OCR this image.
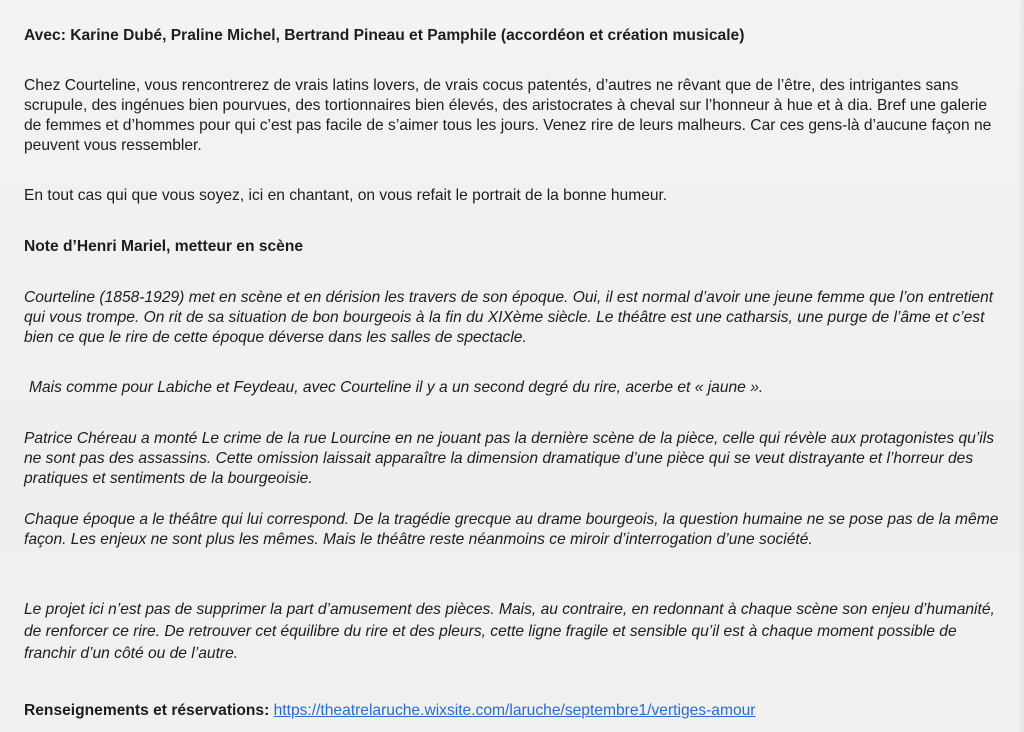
Avec: Karine Dubé, Praline Michel, Bertrand Pineau et Pamphile (accordéon et création musicale)

Chez Courteline, vous rencontrerez de vrais latins lovers, de vrais cocus patentés, d’autres ne rêvant que de l’être, des intrigantes sans scrupule, des ingénues bien pourvues, des tortionnaires bien élevés, des aristocrates à cheval sur l’honneur à hue et à dia. Bref une galerie de femmes et d’hommes pour qui c’est pas facile de s’aimer tous les jours. Venez rire de leurs malheurs. Car ces gens-là d’aucune façon ne peuvent vous ressembler.

En tout cas qui que vous soyez, ici en chantant, on vous refait le portrait de la bonne humeur.

Note d’Henri Mariel, metteur en scène

Courteline (1858-1929) met en scène et en dérision les travers de son époque. Oui, il est normal d’avoir une jeune femme que l’on entretient qui vous trompe. On rit de sa situation de bon bourgeois à la fin du XIXème siècle. Le théâtre est une catharsis, une purge de l’âme et c’est bien ce que le rire de cette époque déverse dans les salles de spectacle.

Mais comme pour Labiche et Feydeau, avec Courteline il y a un second degré du rire, acerbe et « jaune ».

Patrice Chéreau a monté Le crime de la rue Lourcine en ne jouant pas la dernière scène de la pièce, celle qui révèle aux protagonistes qu’ils ne sont pas des assassins. Cette omission laissait apparaître la dimension dramatique d’une pièce qui se veut distrayante et l’horreur des pratiques et sentiments de la bourgeoisie.

Chaque époque a le théâtre qui lui correspond. De la tragédie grecque au drame bourgeois, la question humaine ne se pose pas de la même façon. Les enjeux ne sont plus les mêmes. Mais le théâtre reste néanmoins ce miroir d’interrogation d’une société.

Le projet ici n’est pas de supprimer la part d’amusement des pièces. Mais, au contraire, en redonnant à chaque scène son enjeu d’humanité, de renforcer ce rire. De retrouver cet équilibre du rire et des pleurs, cette ligne fragile et sensible qu’il est à chaque moment possible de franchir d’un côté ou de l’autre.

Renseignements et réservations: https://theatrelaruche.wixsite.com/laruche/septembre1/vertiges-amour
